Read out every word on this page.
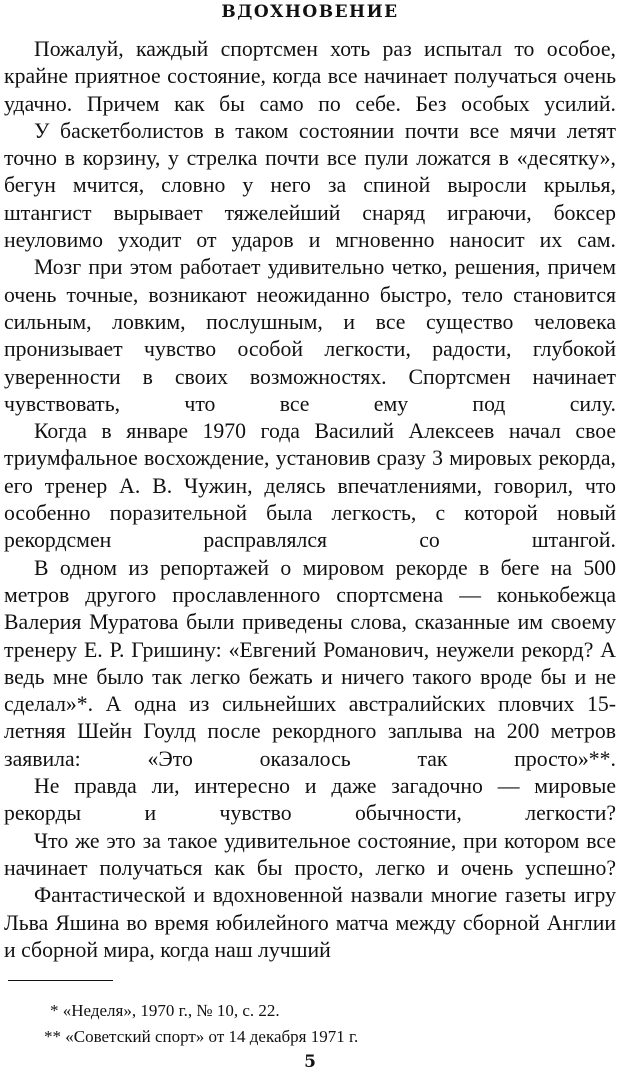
ВДОХНОВЕНИЕ

Пожалуй, каждый спортсмен хоть раз испытал то особое, крайне приятное состояние, когда все начинает получаться очень удачно. Причем как бы само по себе. Без особых усилий.

У баскетболистов в таком состоянии почти все мячи летят точно в корзину, у стрелка почти все пули ложатся в «десятку», бегун мчится, словно у него за спиной выросли крылья, штангист вырывает тяжелейший снаряд играючи, боксер неуловимо уходит от ударов и мгновенно наносит их сам.

Мозг при этом работает удивительно четко, решения, причем очень точные, возникают неожиданно быстро, тело становится сильным, ловким, послушным, и все существо человека пронизывает чувство особой легкости, радости, глубокой уверенности в своих возможностях. Спортсмен начинает чувствовать, что все ему под силу.

Когда в январе 1970 года Василий Алексеев начал свое триумфальное восхождение, установив сразу 3 мировых рекорда, его тренер А. В. Чужин, делясь впечатлениями, говорил, что особенно поразительной была легкость, с которой новый рекордсмен расправлялся со штангой.

В одном из репортажей о мировом рекорде в беге на 500 метров другого прославленного спортсмена — конькобежца Валерия Муратова были приведены слова, сказанные им своему тренеру Е. Р. Гришину: «Евгений Романович, неужели рекорд? А ведь мне было так легко бежать и ничего такого вроде бы и не сделал»*. А одна из сильнейших австралийских пловчих 15-летняя Шейн Гоулд после рекордного заплыва на 200 метров заявила: «Это оказалось так просто»**.

Не правда ли, интересно и даже загадочно — мировые рекорды и чувство обычности, легкости?

Что же это за такое удивительное состояние, при котором все начинает получаться как бы просто, легко и очень успешно?

Фантастической и вдохновенной назвали многие газеты игру Льва Яшина во время юбилейного матча между сборной Англии и сборной мира, когда наш лучший

* «Неделя», 1970 г., № 10, с. 22.
** «Советский спорт» от 14 декабря 1971 г.
5
